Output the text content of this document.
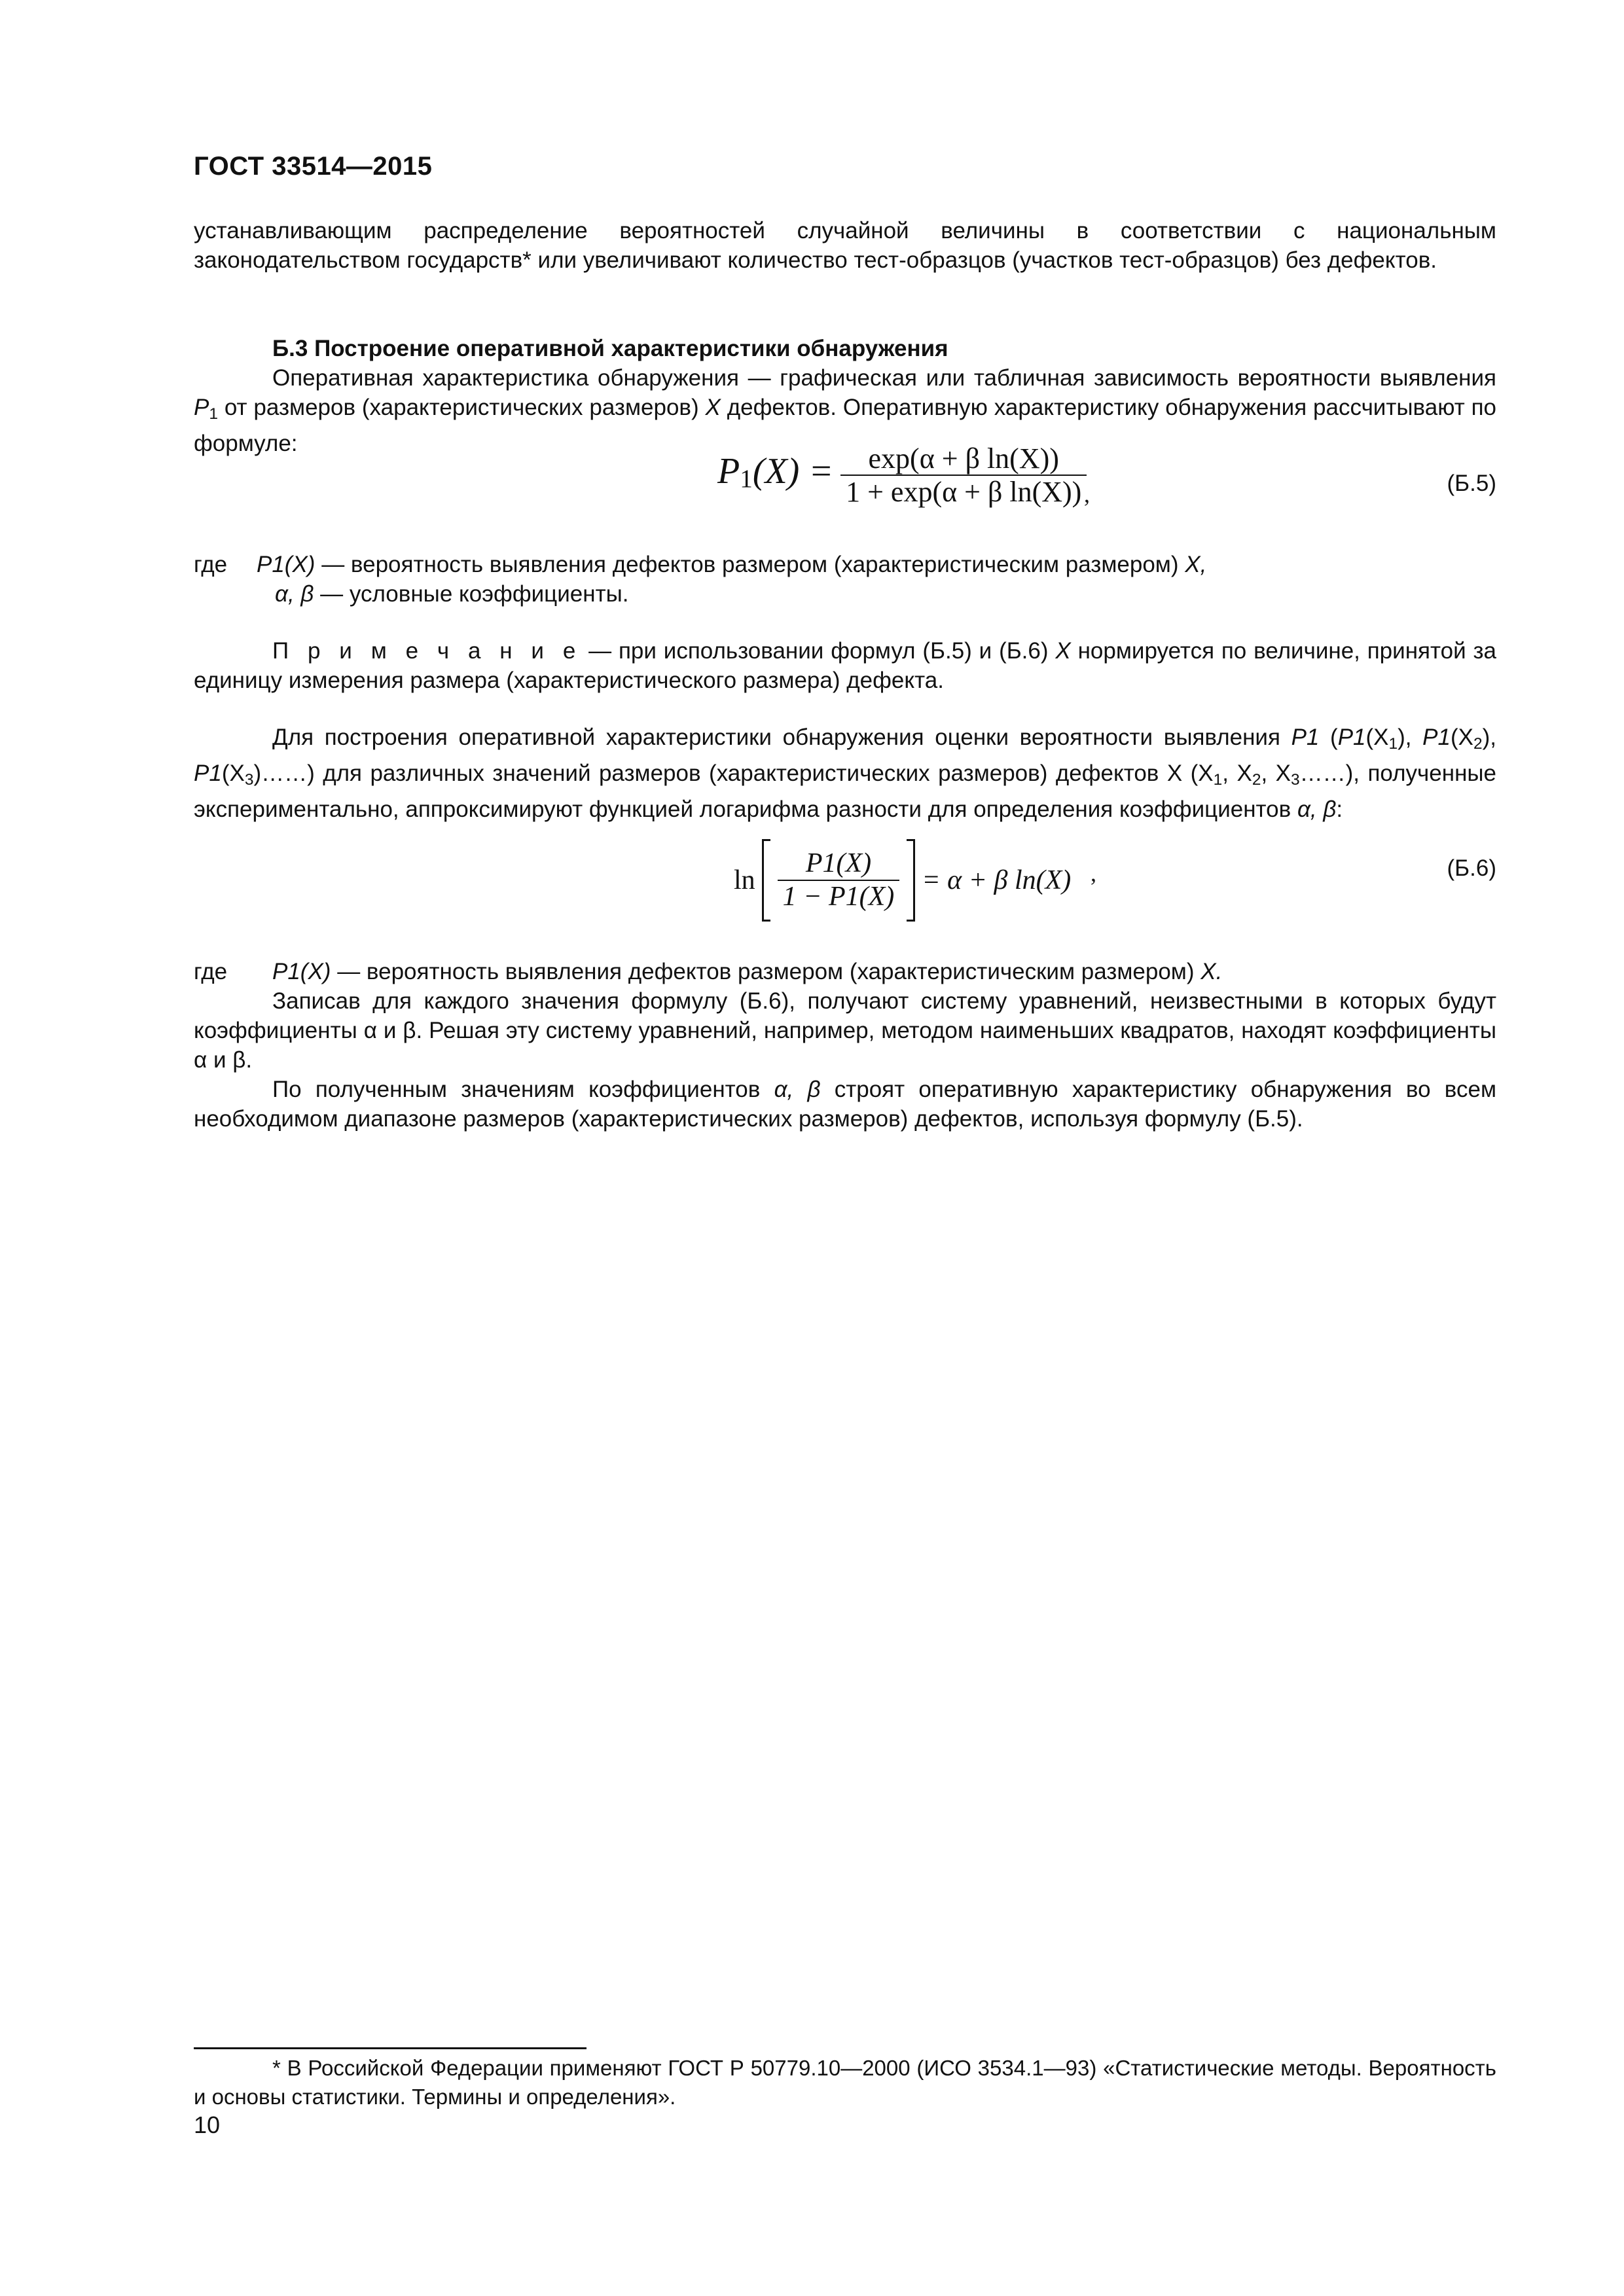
ГОСТ 33514—2015

устанавливающим распределение вероятностей случайной величины в соответствии с национальным законодательством государств* или увеличивают количество тест-образцов (участков тест-образцов) без дефектов.

Б.3 Построение оперативной характеристики обнаружения

Оперативная характеристика обнаружения — графическая или табличная зависимость вероятности выявления $P_1$ от размеров (характеристических размеров) X дефектов. Оперативную характеристику обнаружения рассчитывают по формуле:

$P_1(X) = \frac{\text{exp(α + β ln(X))}}{\text{1 + exp(α + β ln(X))}}$
,	(Б.5)
где P1(X) — вероятность выявления дефектов размером (характеристическим размером) X,
α, β — условные коэффициенты.

П р и м е ч а н и е — при использовании формул (Б.5) и (Б.6) X нормируется по величине, принятой за единицу измерения размера (характеристического размера) дефекта.

Для построения оперативной характеристики обнаружения оценки вероятности выявления P1 ($P1(X_1)$, $P1(X_2)$, $P1(X_3)\dots\dots$) для различных значений размеров (характеристических размеров) дефектов X ($X_1$, $X_2$, $X_3\dots\dots$), полученные экспериментально, аппроксимируют функцией логарифма разности для определения коэффициентов α, β:

$\ln \frac{P1(X)}{1 - P1(X)} = \alpha + \beta$ ln(X) ,	(Б.6)
где P1(X) — вероятность выявления дефектов размером (характеристическим размером) X.

Записав для каждого значения формулу (Б.6), получают систему уравнений, неизвестными в которых будут коэффициенты α и β. Решая эту систему уравнений, например, методом наименьших квадратов, находят коэффициенты α и β.

По полученным значениям коэффициентов α, β строят оперативную характеристику обнаружения во всем необходимом диапазоне размеров (характеристических размеров) дефектов, используя формулу (Б.5).

* В Российской Федерации применяют ГОСТ Р 50779.10—2000 (ИСО 3534.1—93) «Статистические методы. Вероятность и основы статистики. Термины и определения».

10
